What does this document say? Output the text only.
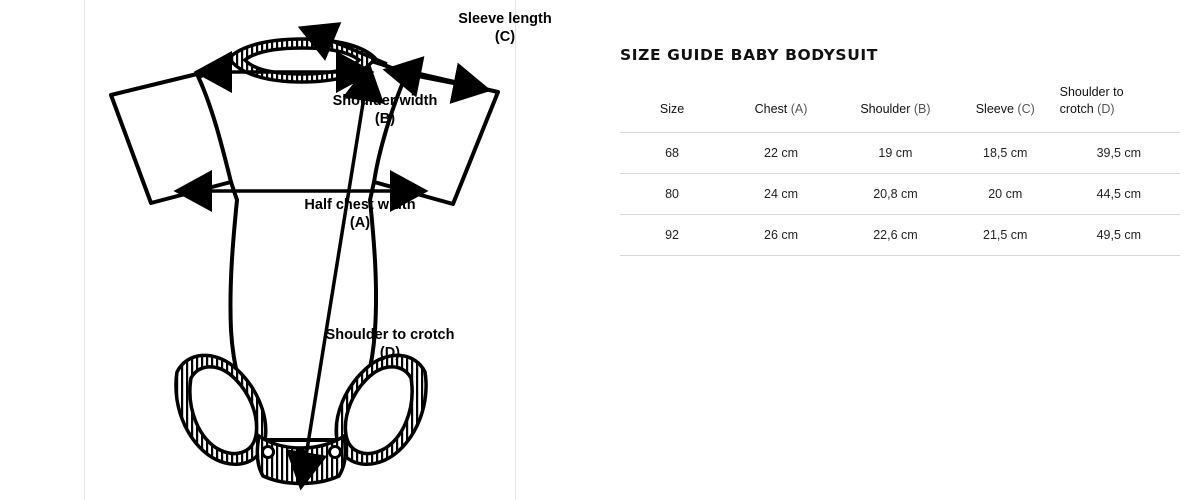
Sleeve length
(C)
Shoulder width
(B)
Half chest width
(A)
Shoulder to crotch
(D)
SIZE GUIDE BABY BODYSUIT
Size	Chest (A)	Shoulder (B)	Sleeve (C)	Shoulder to
crotch (D)
68	22 cm	19 cm	18,5 cm	39,5 cm
80	24 cm	20,8 cm	20 cm	44,5 cm
92	26 cm	22,6 cm	21,5 cm	49,5 cm
